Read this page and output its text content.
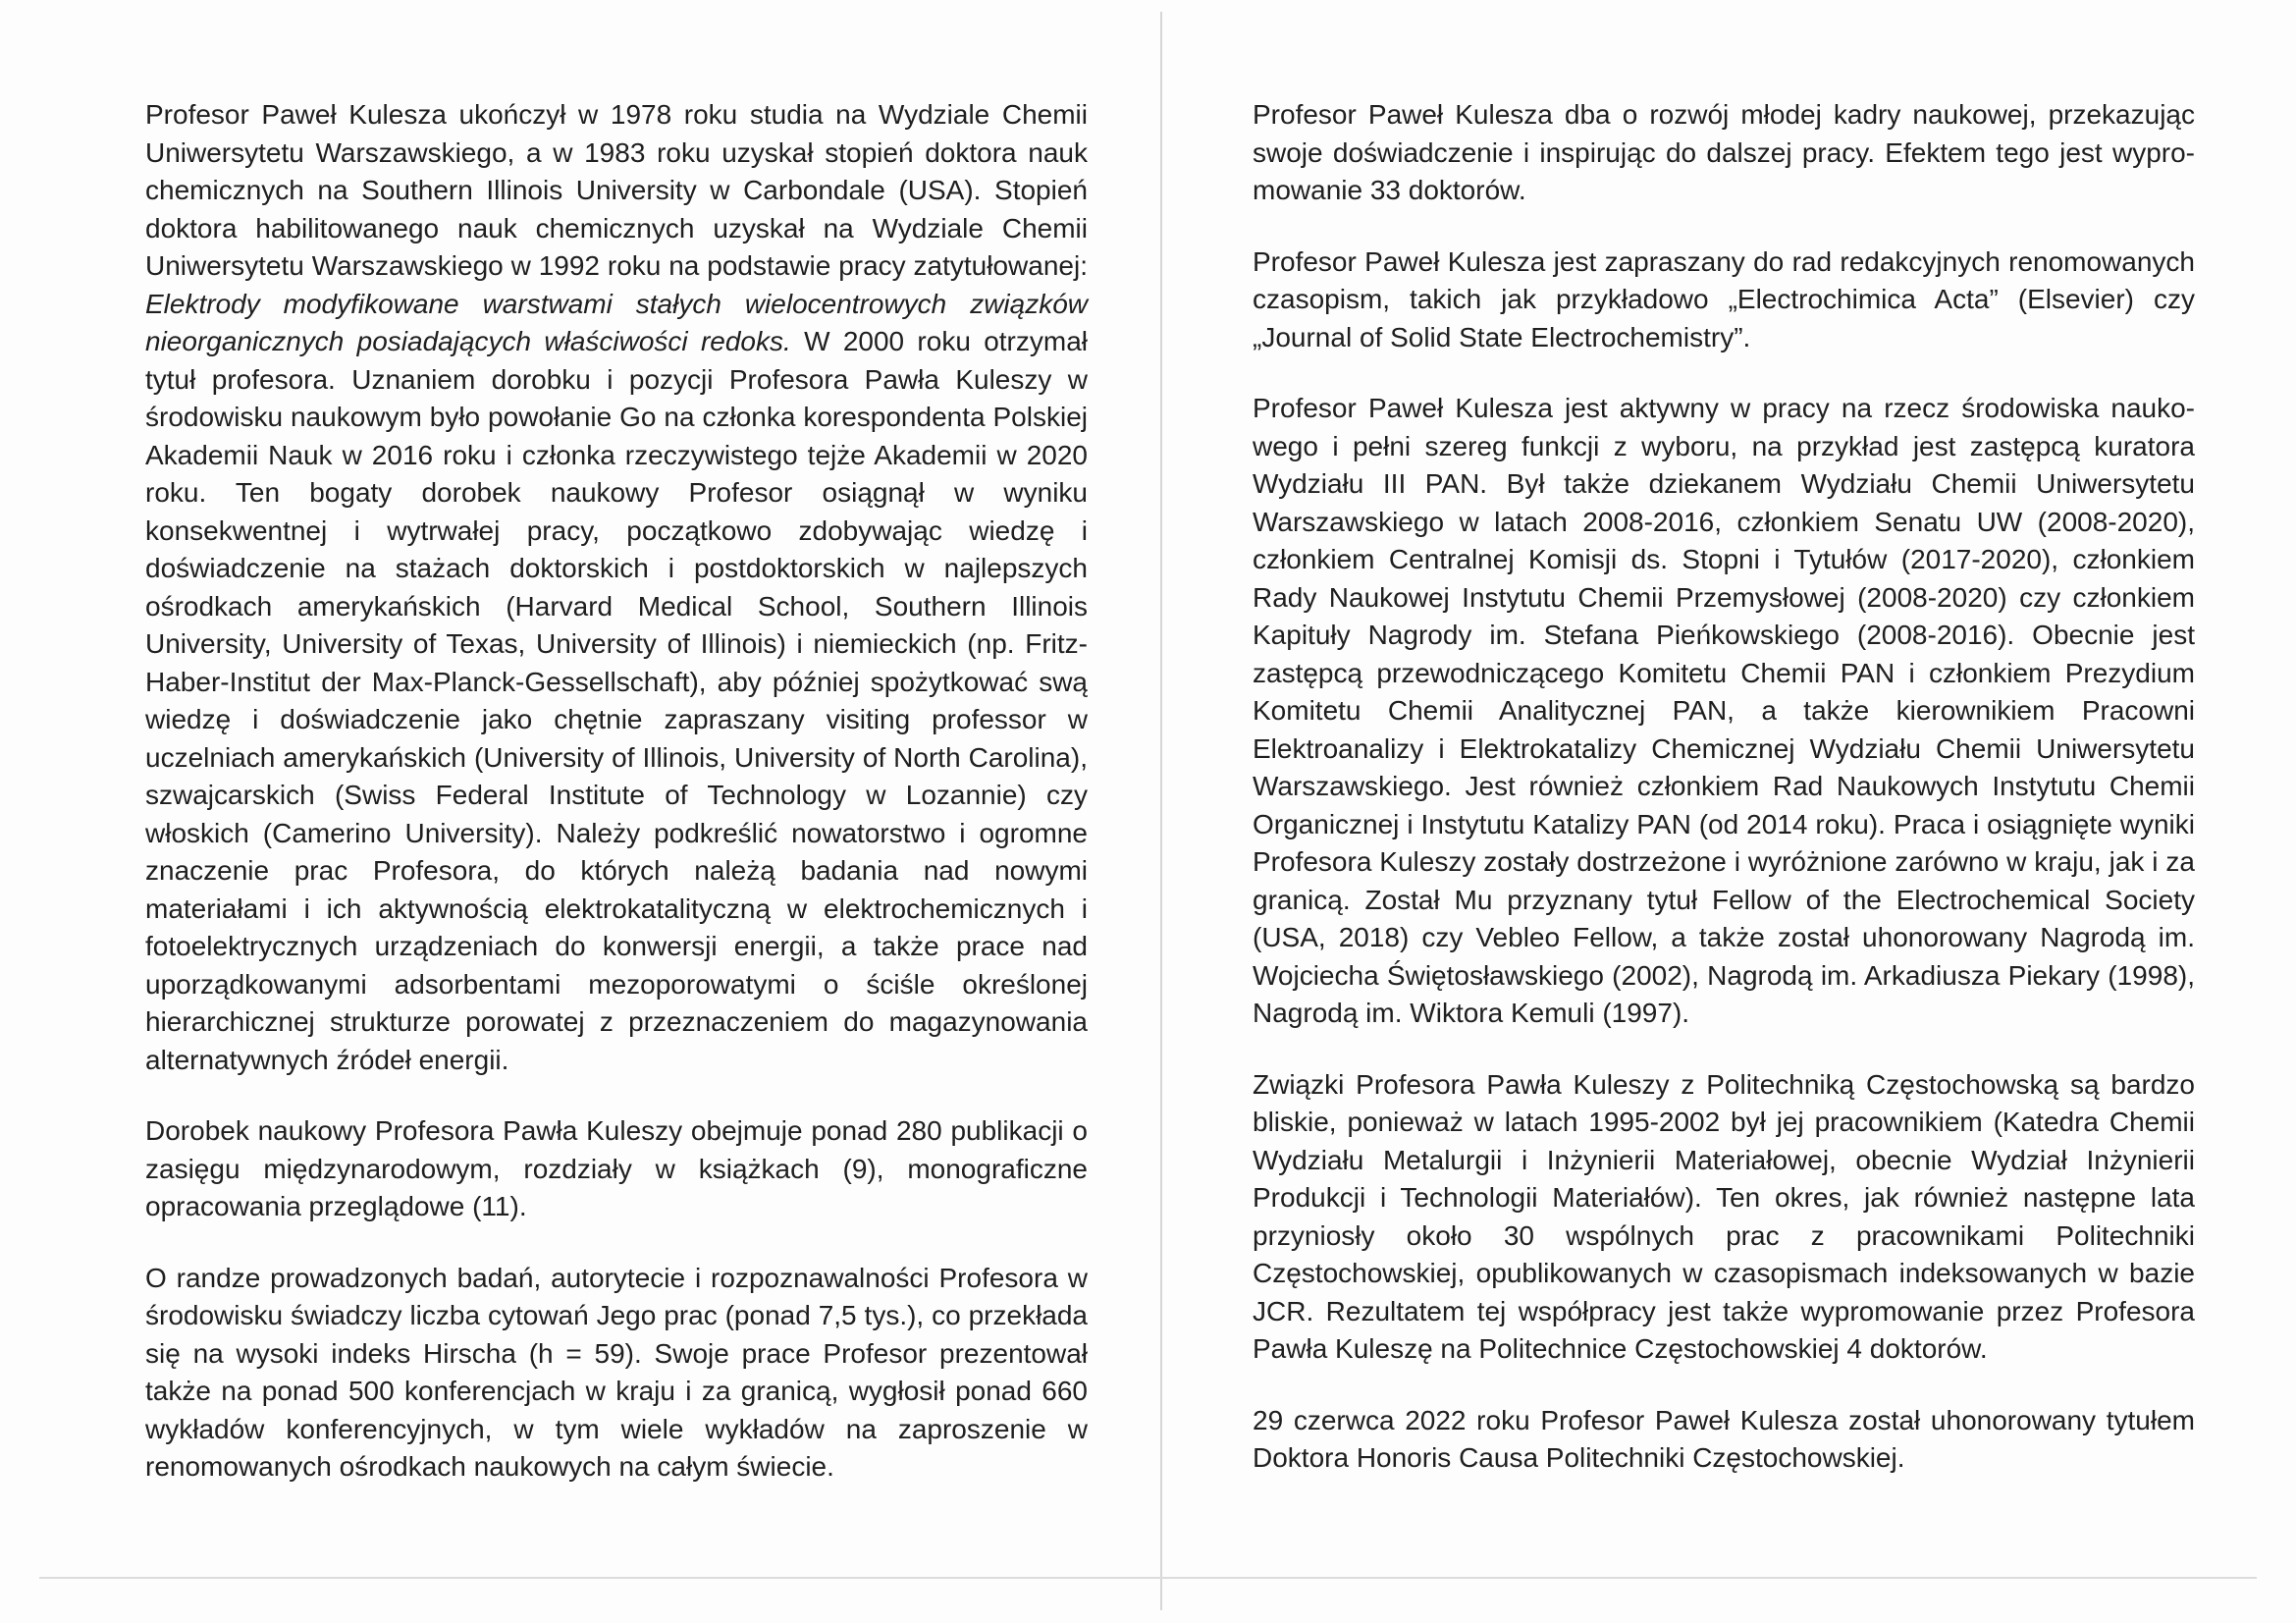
Profesor Paweł Kulesza ukończył w 1978 roku studia na Wydziale Chemii Uniwersytetu Warszawskiego, a w 1983 roku uzyskał stopień doktora nauk chemicznych na Southern Illinois University w Carbondale (USA). Stopień doktora habilitowanego nauk chemicznych uzyskał na Wydziale Chemii Uniwersytetu Warszawskiego w 1992 roku na podstawie pracy zatytułowanej: Elektrody modyfikowane warstwami stałych wielocentrowych związków nieorganicznych posiadających właściwości redoks. W 2000 roku otrzymał tytuł profesora. Uznaniem dorobku i pozycji Profesora Pawła Kuleszy w środowisku naukowym było powołanie Go na członka korespondenta Polskiej Akademii Nauk w 2016 roku i członka rzeczywistego tejże Akademii w 2020 roku. Ten bogaty dorobek naukowy Profesor osiągnął w wyniku konsekwentnej i wytrwałej pracy, początkowo zdobywając wiedzę i doświadczenie na stażach doktorskich i postdoktorskich w najlepszych ośrodkach amerykańskich (Harvard Medical School, Southern Illinois University, University of Texas, University of Illinois) i niemieckich (np. Fritz-Haber-Institut der Max-Planck-Gessellschaft), aby później spożytkować swą wiedzę i doświadczenie jako chętnie zapraszany visiting professor w uczelniach amerykańskich (University of Illinois, University of North Carolina), szwajcarskich (Swiss Federal Institute of Technology w Lozannie) czy włoskich (Camerino University). Należy podkreślić nowatorstwo i ogromne znaczenie prac Profesora, do których należą badania nad nowymi materiałami i ich aktywnością elektrokatalityczną w elektrochemicznych i fotoelektrycznych urządzeniach do konwersji energii, a także prace nad uporządkowanymi adsorbentami mezoporowatymi o ściśle określonej hierarchicznej strukturze porowatej z przeznaczeniem do magazynowania alternatywnych źródeł energii.

Dorobek naukowy Profesora Pawła Kuleszy obejmuje ponad 280 publikacji o zasięgu międzynarodowym, rozdziały w książkach (9), monograficzne opracowania przeglądowe (11).

O randze prowadzonych badań, autorytecie i rozpoznawalności Profesora w środowisku świadczy liczba cytowań Jego prac (ponad 7,5 tys.), co przekłada się na wysoki indeks Hirscha (h = 59). Swoje prace Profesor prezentował także na ponad 500 konferencjach w kraju i za granicą, wygłosił ponad 660 wykładów konferencyjnych, w tym wiele wykładów na zaproszenie w renomowanych ośrodkach naukowych na całym świecie.

Profesor Paweł Kulesza dba o rozwój młodej kadry naukowej, przekazując swoje doświadczenie i inspirując do dalszej pracy. Efektem tego jest wypromowanie 33 doktorów.

Profesor Paweł Kulesza jest zapraszany do rad redakcyjnych renomowanych czasopism, takich jak przykładowo „Electrochimica Acta” (Elsevier) czy „Journal of Solid State Electrochemistry”.

Profesor Paweł Kulesza jest aktywny w pracy na rzecz środowiska naukowego i pełni szereg funkcji z wyboru, na przykład jest zastępcą kuratora Wydziału III PAN. Był także dziekanem Wydziału Chemii Uniwersytetu Warszawskiego w latach 2008-2016, członkiem Senatu UW (2008-2020), członkiem Centralnej Komisji ds. Stopni i Tytułów (2017-2020), członkiem Rady Naukowej Instytutu Chemii Przemysłowej (2008-2020) czy członkiem Kapituły Nagrody im. Stefana Pieńkowskiego (2008-2016). Obecnie jest zastępcą przewodniczącego Komitetu Chemii PAN i członkiem Prezydium Komitetu Chemii Analitycznej PAN, a także kierownikiem Pracowni Elektroanalizy i Elektrokatalizy Chemicznej Wydziału Chemii Uniwersytetu Warszawskiego. Jest również członkiem Rad Naukowych Instytutu Chemii Organicznej i Instytutu Katalizy PAN (od 2014 roku). Praca i osiągnięte wyniki Profesora Kuleszy zostały dostrzeżone i wyróżnione zarówno w kraju, jak i za granicą. Został Mu przyznany tytuł Fellow of the Electrochemical Society (USA, 2018) czy Vebleo Fellow, a także został uhonorowany Nagrodą im. Wojciecha Świętosławskiego (2002), Nagrodą im. Arkadiusza Piekary (1998), Nagrodą im. Wiktora Kemuli (1997).

Związki Profesora Pawła Kuleszy z Politechniką Częstochowską są bardzo bliskie, ponieważ w latach 1995-2002 był jej pracownikiem (Katedra Chemii Wydziału Metalurgii i Inżynierii Materiałowej, obecnie Wydział Inżynierii Produkcji i Technologii Materiałów). Ten okres, jak również następne lata przyniosły około 30 wspólnych prac z pracownikami Politechniki Częstochowskiej, opublikowanych w czasopismach indeksowanych w bazie JCR. Rezultatem tej współpracy jest także wypromowanie przez Profesora Pawła Kuleszę na Politechnice Częstochowskiej 4 doktorów.

29 czerwca 2022 roku Profesor Paweł Kulesza został uhonorowany tytułem Doktora Honoris Causa Politechniki Częstochowskiej.
